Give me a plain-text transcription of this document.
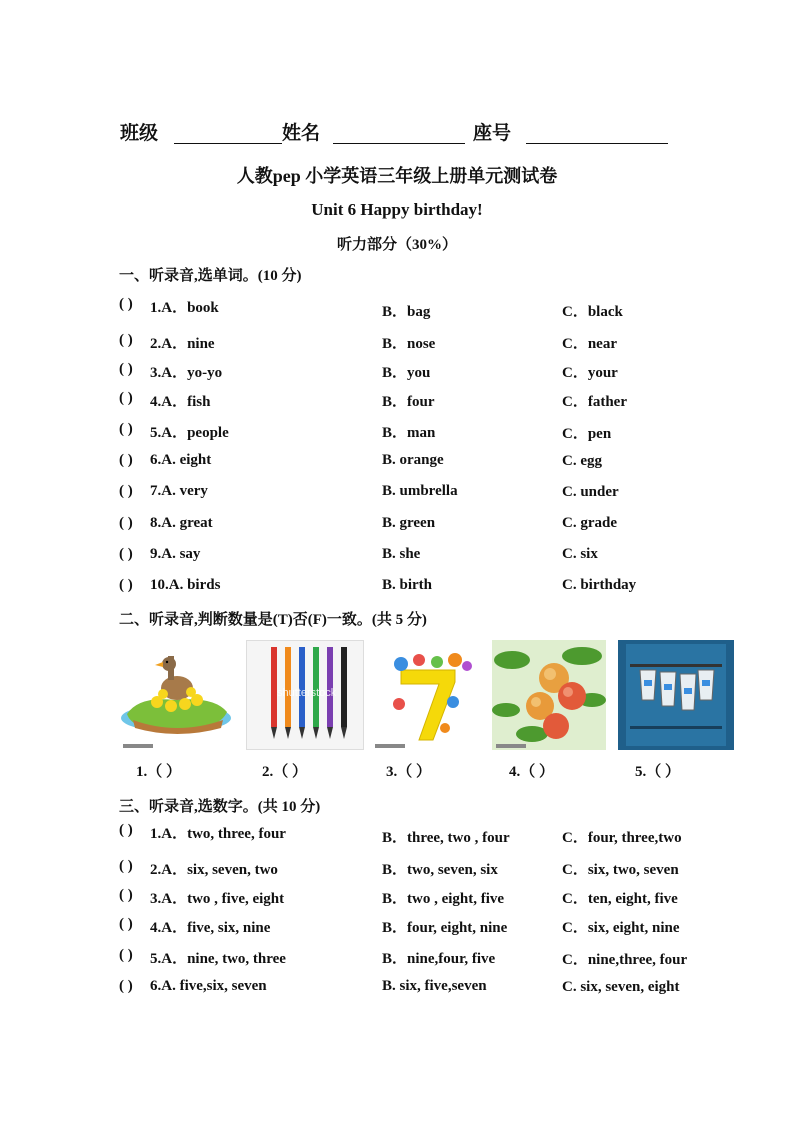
班级	姓名	座号
人教pep 小学英语三年级上册单元测试卷
Unit 6 Happy birthday!
听力部分（30%）
一、听录音,选单词。(10 分)
( ) 1.A．book	B．bag	C．black
( ) 2.A．nine	B．nose	C．near
( ) 3.A．yo-yo	B．you	C．your
( ) 4.A．fish	B．four	C．father
( ) 5.A．people	B．man	C．pen
( ) 6.A. eight	B. orange	C. egg
( ) 7.A. very	B. umbrella	C. under
( ) 8.A. great	B. green	C. grade
( ) 9.A. say	B. she	C. six
( ) 10.A. birds	B. birth	C. birthday
二、听录音,判断数量是(T)否(F)一致。(共 5 分)
shutterstock
1.（ ）	2.（ ）	3.（ ）	4.（ ）	5.（ ）
三、听录音,选数字。(共 10 分)
( ) 1.A．two, three, four	B．three, two , four	C．four, three,two
( ) 2.A．six, seven, two	B．two, seven, six	C．six, two, seven
( ) 3.A．two , five, eight	B．two , eight, five	C．ten, eight, five
( ) 4.A．five, six, nine	B．four, eight, nine	C．six, eight, nine
( ) 5.A．nine, two, three	B．nine,four, five	C．nine,three, four
( ) 6.A. five,six, seven	B. six, five,seven	C. six, seven, eight
